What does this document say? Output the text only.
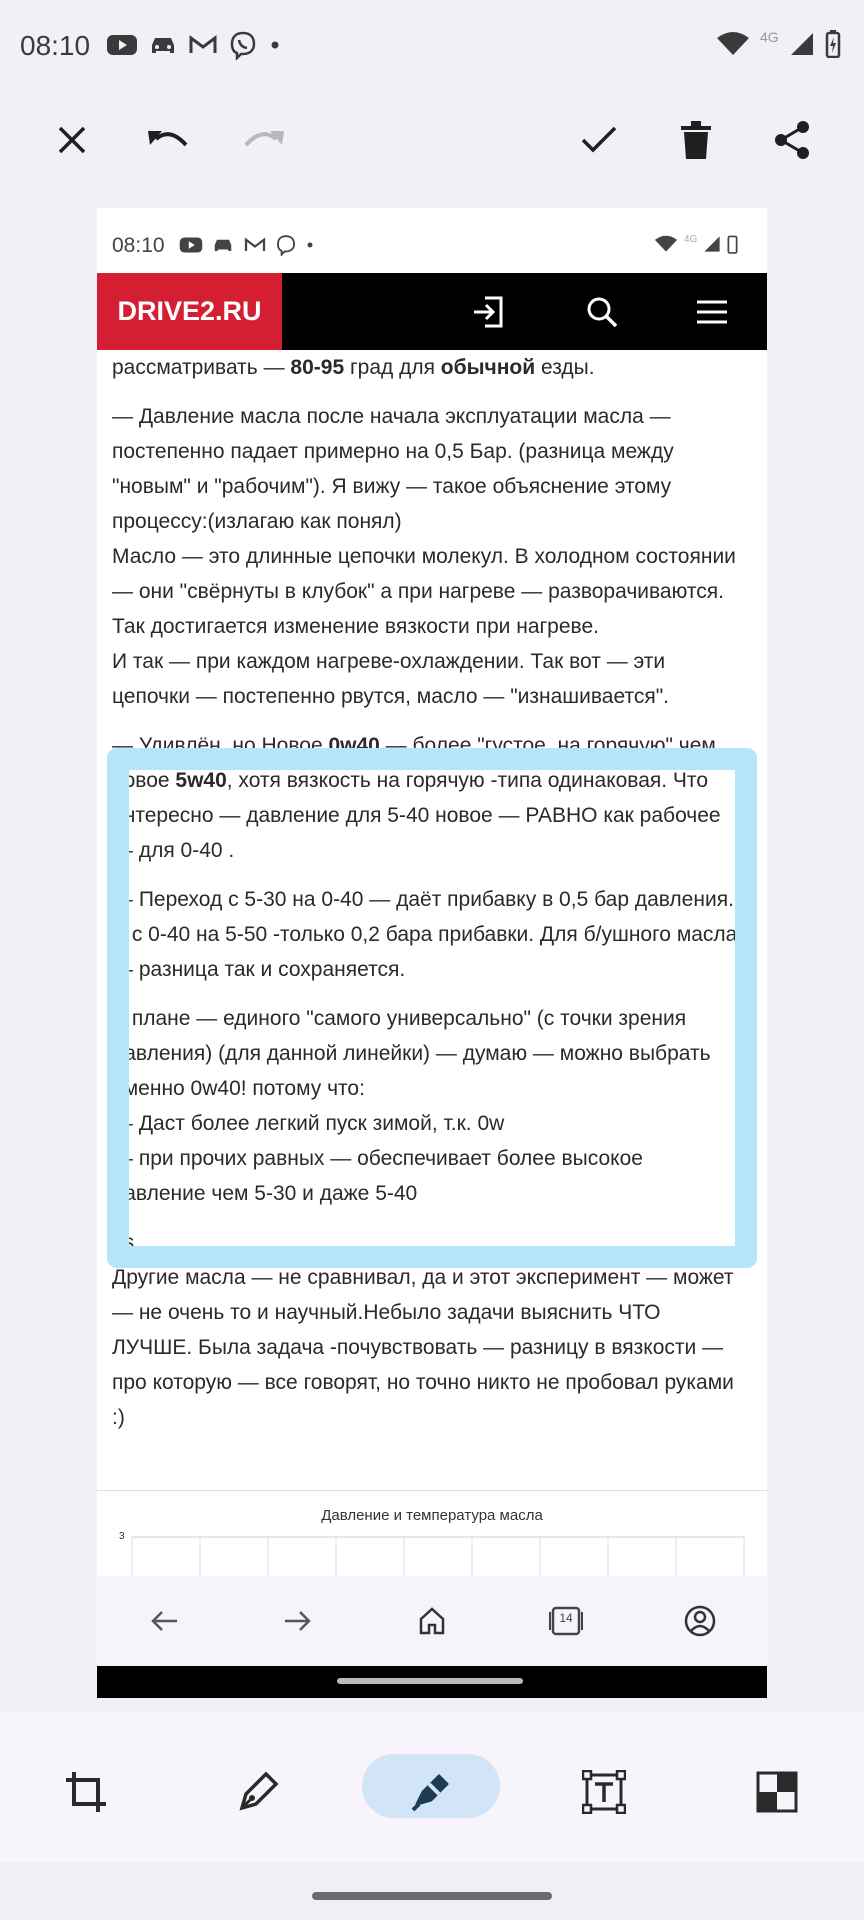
08:10	4G
08:10	4G
DRIVE2.RU

рассматривать — 80-95 град для обычной езды.

— Давление масла после начала эксплуатации масла — постепенно падает примерно на 0,5 Бар. (разница между "новым" и "рабочим"). Я вижу — такое объяснение этому процессу:(излагаю как понял)

Масло — это длинные цепочки молекул. В холодном состоянии — они "свёрнуты в клубок" а при нагреве — разворачиваются. Так достигается изменение вязкости при нагреве.

И так — при каждом нагреве-охлаждении. Так вот — эти цепочки — постепенно рвутся, масло — "изнашивается".

— Удивлён, но Новое 0w40 — более "густое. на горячую" чем новое 5w40, хотя вязкость на горячую -типа одинаковая. Что интересно — давление для 5-40 новое — РАВНО как рабочее — для 0-40 .

— Переход с 5-30 на 0-40 — даёт прибавку в 0,5 бар давления. А с 0-40 на 5-50 -только 0,2 бара прибавки. Для б/ушного масла — разница так и сохраняется.

В плане — единого "самого универсально" (с точки зрения давления) (для данной линейки) — думаю — можно выбрать именно 0w40! потому что:

— Даст более легкий пуск зимой, т.к. 0w

— при прочих равных — обеспечивает более высокое давление чем 5-30 и даже 5-40

ps

Другие масла — не сравнивал, да и этот эксперимент — может — не очень то и научный.Небыло задачи выяснить ЧТО ЛУЧШЕ. Была задача -почувствовать — разницу в вязкости — про которую — все говорят, но точно никто не пробовал руками :)

Давление и температура масла
3
14
